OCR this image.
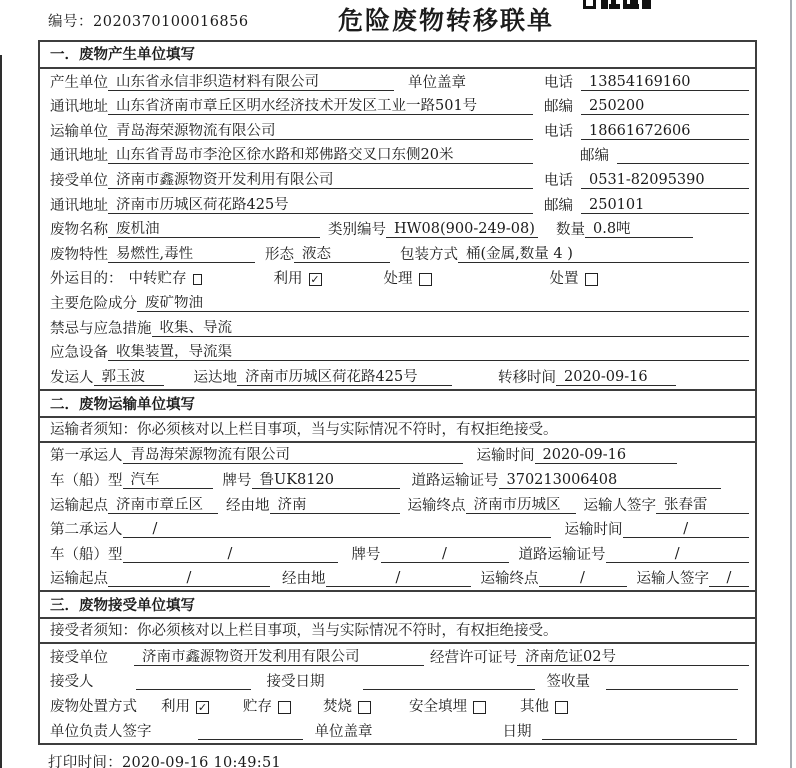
编号：2020370100016856	危险废物转移联单
一．废物产生单位填写
产生单位 山东省永信非织造材料有限公司	单位盖章	电话	13854169160
通讯地址 山东省济南市章丘区明水经济技术开发区工业一路501号	邮编	250200
运输单位 青岛海荣源物流有限公司	电话	18661672606
通讯地址 山东省青岛市李沧区徐水路和郑佛路交叉口东侧20米	邮编
接受单位 济南市鑫源物资开发利用有限公司	电话	0531-82095390
通讯地址 济南市历城区荷花路425号	邮编	250101
废物名称 废机油	类别编号 HW08(900-249-08) 数量 0.8吨
废物特性 易燃性,毒性	形态 液态	包装方式 桶(金属,数量 4 )
外运目的： 中转贮存	利用 ✓	处理	处置
主要危险成分 废矿物油
禁忌与应急措施 收集、导流
应急设备 收集装置，导流渠
发运人 郭玉波	运达地 济南市历城区荷花路425号	转移时间 2020-09-16
二．废物运输单位填写
运输者须知：你必须核对以上栏目事项，当与实际情况不符时，有权拒绝接受。
第一承运人 青岛海荣源物流有限公司	运输时间 2020-09-16
车（船）型 汽车	牌号 鲁UK8120	道路运输证号 370213006408
运输起点 济南市章丘区	经由地 济南	运输终点 济南市历城区	运输人签字 张春雷
第二承运人	/	运输时间	/
车（船）型	/	牌号	/	道路运输证号	/
运输起点	/	经由地	/	运输终点	/	运输人签字	/
三．废物接受单位填写
接受者须知：你必须核对以上栏目事项，当与实际情况不符时，有权拒绝接受。
接受单位	济南市鑫源物资开发利用有限公司	经营许可证号 济南危证02号
接受人	接受日期	签收量
废物处置方式 利用 ✓ 贮存	焚烧	安全填埋	其他
单位负责人签字	单位盖章	日期
打印时间：2020-09-16 10:49:51
